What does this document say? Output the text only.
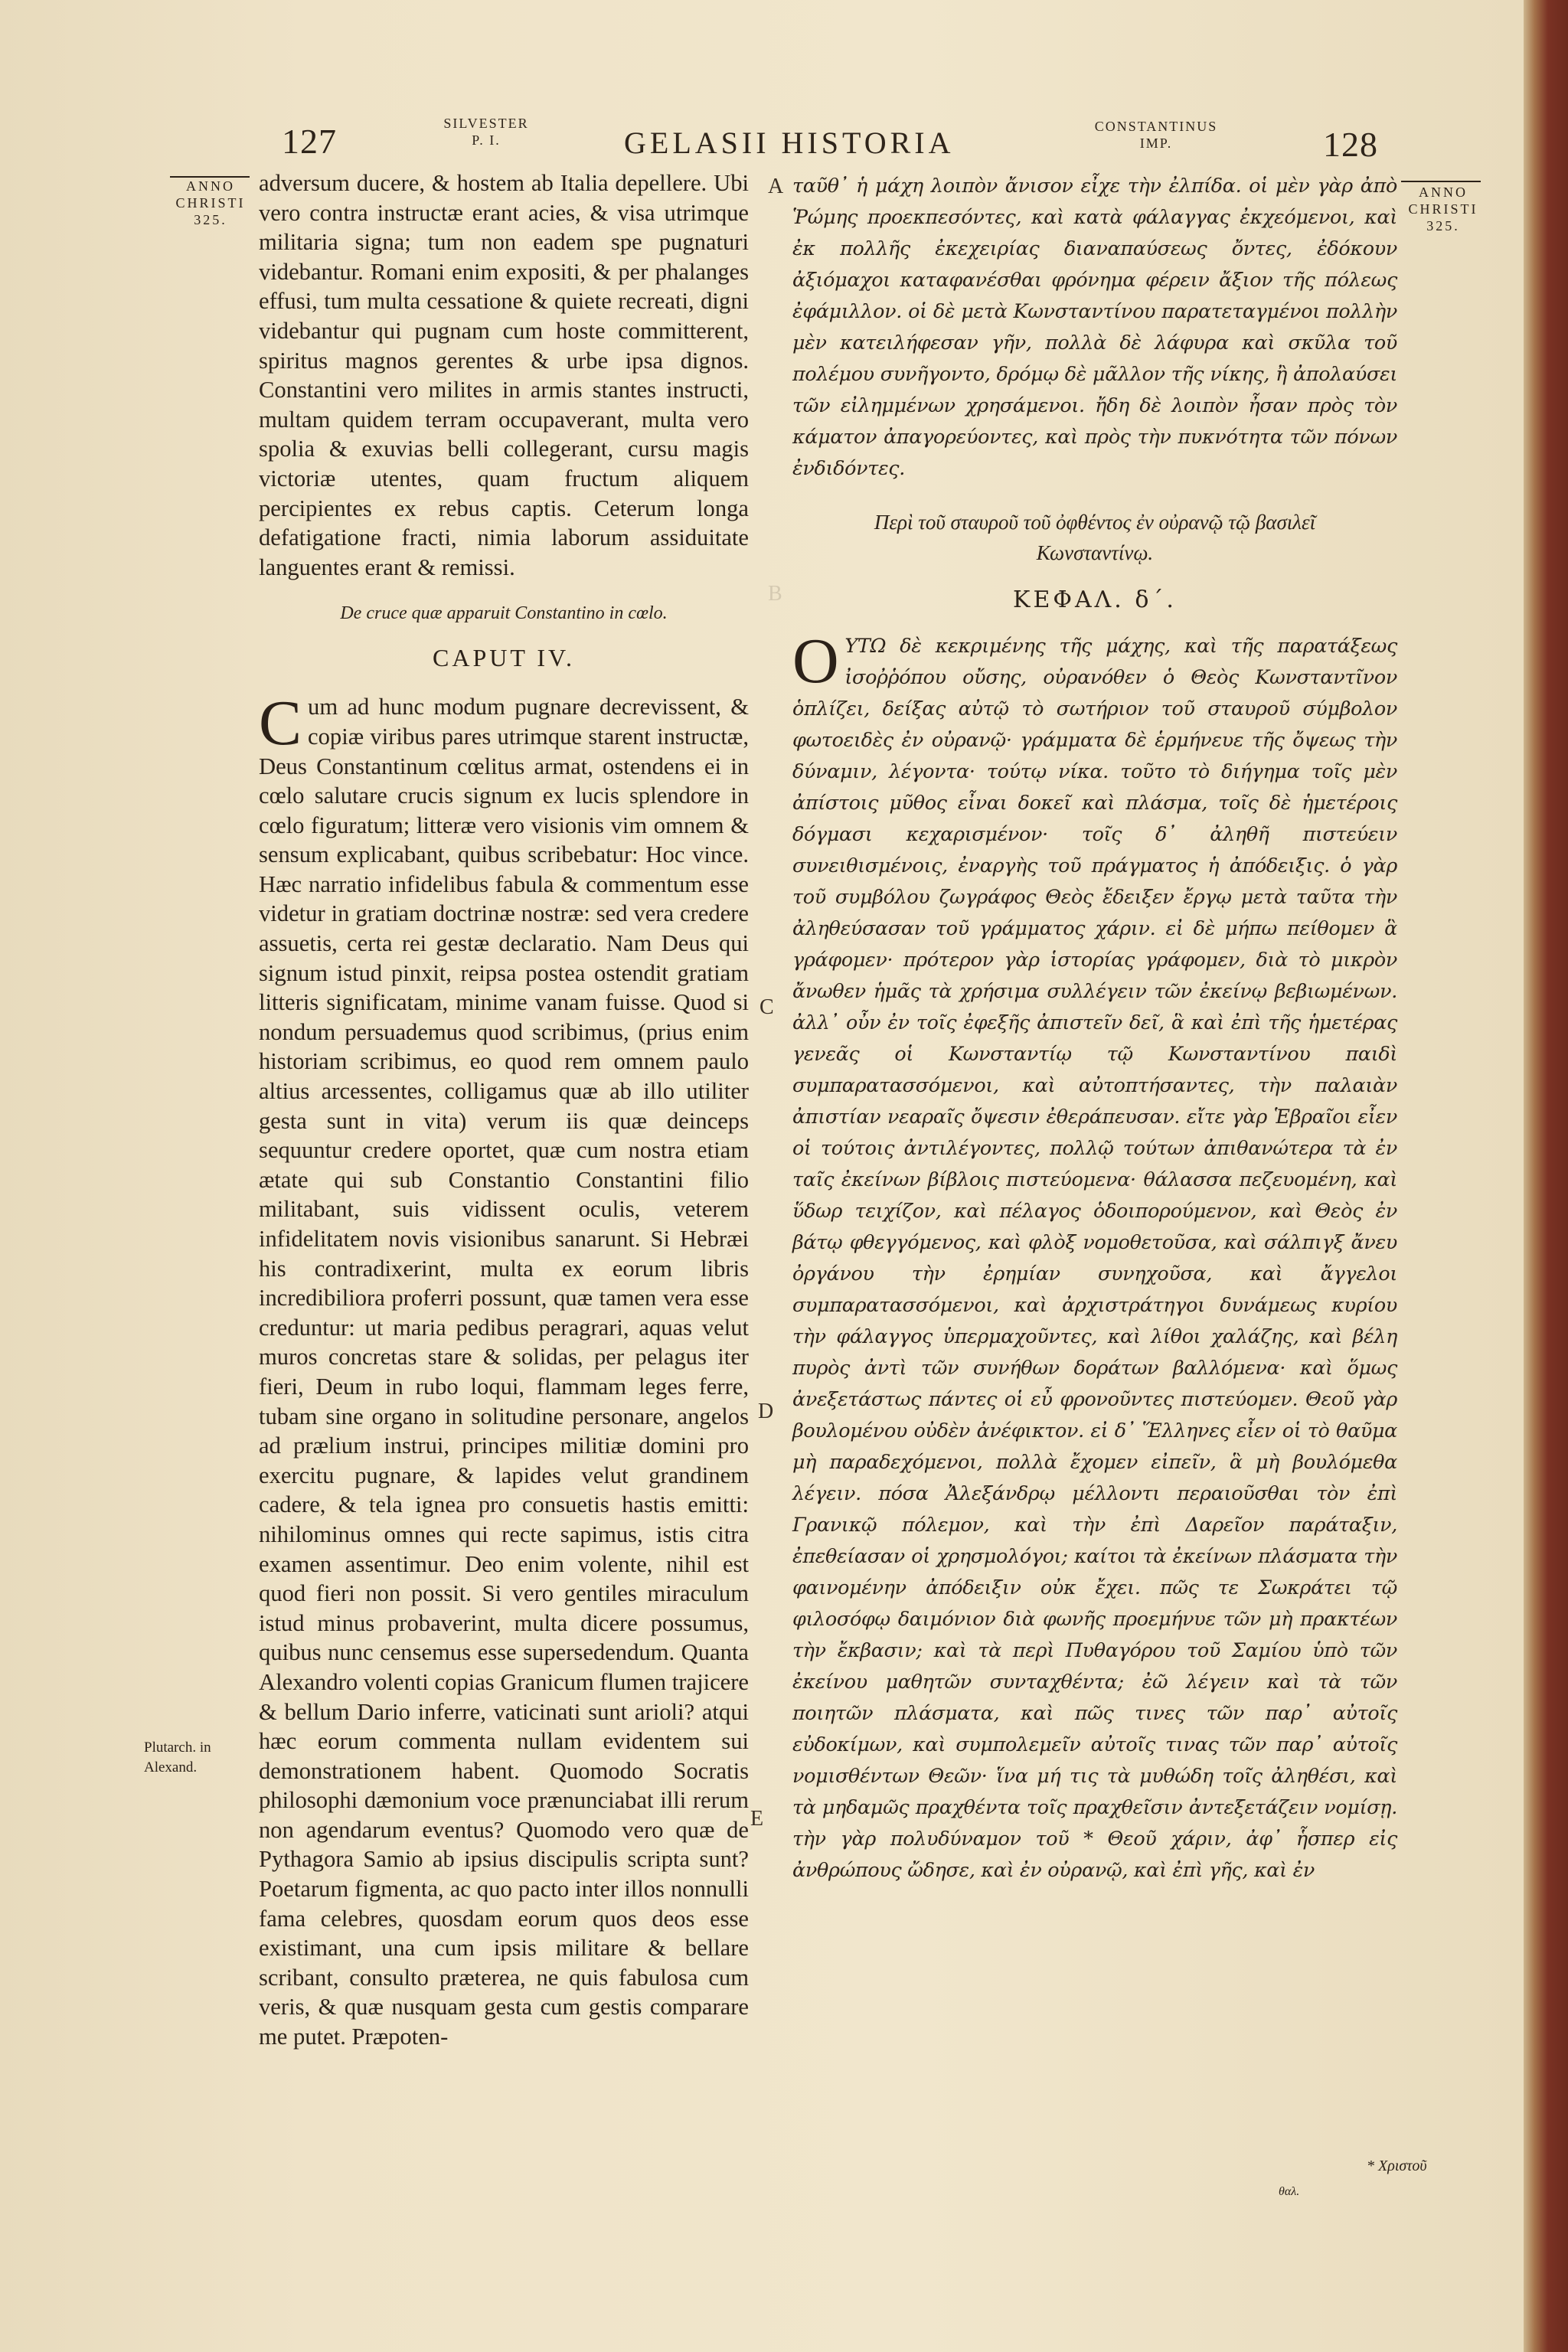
127	SILVESTER
P. I.	GELASII HISTORIA	CONSTANTINUS
IMP.	128
ANNO
CHRISTI
325.
ANNO
CHRISTI
325.
A
B
C
D
E

adversum ducere, & hostem ab Italia depellere. Ubi vero contra instructæ erant acies, & visa utrimque militaria signa; tum non eadem spe pugnaturi videbantur. Romani enim expositi, & per phalanges effusi, tum multa cessatione & quiete recreati, digni videbantur qui pugnam cum hoste committerent, spiritus magnos gerentes & urbe ipsa dignos. Constantini vero milites in armis stantes instructi, multam quidem terram occupaverant, multa vero spolia & exuvias belli collegerant, cursu magis victoriæ utentes, quam fructum aliquem percipientes ex rebus captis. Ceterum longa defatigatione fracti, nimia laborum assiduitate languentes erant & remissi.

De cruce quæ apparuit Constantino in cœlo.

CAPUT IV.

Cum ad hunc modum pugnare decrevissent, & copiæ viribus pares utrimque starent instructæ, Deus Constantinum cœlitus armat, ostendens ei in cœlo salutare crucis signum ex lucis splendore in cœlo figuratum; litteræ vero visionis vim omnem & sensum explicabant, quibus scribebatur: Hoc vince. Hæc narratio infidelibus fabula & commentum esse videtur in gratiam doctrinæ nostræ: sed vera credere assuetis, certa rei gestæ declaratio. Nam Deus qui signum istud pinxit, reipsa postea ostendit gratiam litteris significatam, minime vanam fuisse. Quod si nondum persuademus quod scribimus, (prius enim historiam scribimus, eo quod rem omnem paulo altius arcessentes, colligamus quæ ab illo utiliter gesta sunt in vita) verum iis quæ deinceps sequuntur credere oportet, quæ cum nostra etiam ætate qui sub Constantio Constantini filio militabant, suis vidissent oculis, veterem infidelitatem novis visionibus sanarunt. Si Hebræi his contradixerint, multa ex eorum libris incredibiliora proferri possunt, quæ tamen vera esse creduntur: ut maria pedibus peragrari, aquas velut muros concretas stare & solidas, per pelagus iter fieri, Deum in rubo loqui, flammam leges ferre, tubam sine organo in solitudine personare, angelos ad prælium instrui, principes militiæ domini pro exercitu pugnare, & lapides velut grandinem cadere, & tela ignea pro consuetis hastis emitti: nihilominus omnes qui recte sapimus, istis citra examen assentimur. Deo enim volente, nihil est quod fieri non possit. Si vero gentiles miraculum istud minus probaverint, multa dicere possumus, quibus nunc censemus esse supersedendum. Quanta Alexandro volenti copias Granicum flumen trajicere & bellum Dario inferre, vaticinati sunt arioli? atqui hæc eorum commenta nullam evidentem sui demonstrationem habent. Quomodo Socratis philosophi dæmonium voce prænunciabat illi rerum non agendarum eventus? Quomodo vero quæ de Pythagora Samio ab ipsius discipulis scripta sunt? Poetarum figmenta, ac quo pacto inter illos nonnulli fama celebres, quosdam eorum quos deos esse existimant, una cum ipsis militare & bellare scribant, consulto præterea, ne quis fabulosa cum veris, & quæ nusquam gesta cum gestis comparare me putet. Præpoten-

Plutarch. in
Alexand.

ταῦθ᾽ ἡ μάχη λοιπὸν ἄνισον εἶχε τὴν ἐλπίδα. οἱ μὲν γὰρ ἀπὸ Ῥώμης προεκπεσόντες, καὶ κατὰ φάλαγγας ἐκχεόμενοι, καὶ ἐκ πολλῆς ἐκεχειρίας διαναπαύσεως ὄντες, ἐδόκουν ἀξιόμαχοι καταφανέσθαι φρόνημα φέρειν ἄξιον τῆς πόλεως ἐφάμιλλον. οἱ δὲ μετὰ Κωνσταντίνου παρατεταγμένοι πολλὴν μὲν κατειλήφεσαν γῆν, πολλὰ δὲ λάφυρα καὶ σκῦλα τοῦ πολέμου συνῆγοντο, δρόμῳ δὲ μᾶλλον τῆς νίκης, ἢ ἀπολαύσει τῶν εἰλημμένων χρησάμενοι. ἤδη δὲ λοιπὸν ἦσαν πρὸς τὸν κάματον ἀπαγορεύοντες, καὶ πρὸς τὴν πυκνότητα τῶν πόνων ἐνδιδόντες.

Περὶ τοῦ σταυροῦ τοῦ ὀφθέντος ἐν οὐρανῷ τῷ βασιλεῖ Κωνσταντίνῳ.

ΚΕΦΑΛ. δ΄.

OΥΤΩ δὲ κεκριμένης τῆς μάχης, καὶ τῆς παρατάξεως ἰσοῤῥόπου οὔσης, οὐρανόθεν ὁ Θεὸς Κωνσταντῖνον ὁπλίζει, δείξας αὐτῷ τὸ σωτήριον τοῦ σταυροῦ σύμβολον φωτοειδὲς ἐν οὐρανῷ· γράμματα δὲ ἑρμήνευε τῆς ὄψεως τὴν δύναμιν, λέγοντα· τούτῳ νίκα. τοῦτο τὸ διήγημα τοῖς μὲν ἀπίστοις μῦθος εἶναι δοκεῖ καὶ πλάσμα, τοῖς δὲ ἡμετέροις δόγμασι κεχαρισμένον· τοῖς δ᾽ ἀληθῆ πιστεύειν συνειθισμένοις, ἐναργὴς τοῦ πράγματος ἡ ἀπόδειξις. ὁ γὰρ τοῦ συμβόλου ζωγράφος Θεὸς ἔδειξεν ἔργῳ μετὰ ταῦτα τὴν ἀληθεύσασαν τοῦ γράμματος χάριν. εἰ δὲ μήπω πείθομεν ἃ γράφομεν· πρότερον γὰρ ἱστορίας γράφομεν, διὰ τὸ μικρὸν ἄνωθεν ἡμᾶς τὰ χρήσιμα συλλέγειν τῶν ἐκείνῳ βεβιωμένων. ἀλλ᾽ οὖν ἐν τοῖς ἐφεξῆς ἀπιστεῖν δεῖ, ἃ καὶ ἐπὶ τῆς ἡμετέρας γενεᾶς οἱ Κωνσταντίῳ τῷ Κωνσταντίνου παιδὶ συμπαρατασσόμενοι, καὶ αὐτοπτήσαντες, τὴν παλαιὰν ἀπιστίαν νεαραῖς ὄψεσιν ἐθεράπευσαν. εἴτε γὰρ Ἑβραῖοι εἶεν οἱ τούτοις ἀντιλέγοντες, πολλῷ τούτων ἀπιθανώτερα τὰ ἐν ταῖς ἐκείνων βίβλοις πιστεύομενα· θάλασσα πεζευομένη, καὶ ὕδωρ τειχίζον, καὶ πέλαγος ὁδοιπορούμενον, καὶ Θεὸς ἐν βάτῳ φθεγγόμενος, καὶ φλὸξ νομοθετοῦσα, καὶ σάλπιγξ ἄνευ ὀργάνου τὴν ἐρημίαν συνηχοῦσα, καὶ ἄγγελοι συμπαρατασσόμενοι, καὶ ἀρχιστράτηγοι δυνάμεως κυρίου τὴν φάλαγγος ὑπερμαχοῦντες, καὶ λίθοι χαλάζης, καὶ βέλη πυρὸς ἀντὶ τῶν συνήθων δοράτων βαλλόμενα· καὶ ὅμως ἀνεξετάστως πάντες οἱ εὖ φρονοῦντες πιστεύομεν. Θεοῦ γὰρ βουλομένου οὐδὲν ἀνέφικτον. εἰ δ᾽ Ἕλληνες εἶεν οἱ τὸ θαῦμα μὴ παραδεχόμενοι, πολλὰ ἔχομεν εἰπεῖν, ἃ μὴ βουλόμεθα λέγειν. πόσα Ἀλεξάνδρῳ μέλλοντι περαιοῦσθαι τὸν ἐπὶ Γρανικῷ πόλεμον, καὶ τὴν ἐπὶ Δαρεῖον παράταξιν, ἐπεθείασαν οἱ χρησμολόγοι; καίτοι τὰ ἐκείνων πλάσματα τὴν φαινομένην ἀπόδειξιν οὐκ ἔχει. πῶς τε Σωκράτει τῷ φιλοσόφῳ δαιμόνιον διὰ φωνῆς προεμήνυε τῶν μὴ πρακτέων τὴν ἔκβασιν; καὶ τὰ περὶ Πυθαγόρου τοῦ Σαμίου ὑπὸ τῶν ἐκείνου μαθητῶν συνταχθέντα; ἐῶ λέγειν καὶ τὰ τῶν ποιητῶν πλάσματα, καὶ πῶς τινες τῶν παρ᾽ αὐτοῖς εὐδοκίμων, καὶ συμπολεμεῖν αὐτοῖς τινας τῶν παρ᾽ αὐτοῖς νομισθέντων Θεῶν· ἵνα μή τις τὰ μυθώδη τοῖς ἀληθέσι, καὶ τὰ μηδαμῶς πραχθέντα τοῖς πραχθεῖσιν ἀντεξετάζειν νομίσῃ. τὴν γὰρ πολυδύναμον τοῦ * Θεοῦ χάριν, ἀφ᾽ ἧσπερ εἰς ἀνθρώπους ὤδησε, καὶ ἐν οὐρανῷ, καὶ ἐπὶ γῆς, καὶ ἐν

* Χριστοῦ
θαλ.
